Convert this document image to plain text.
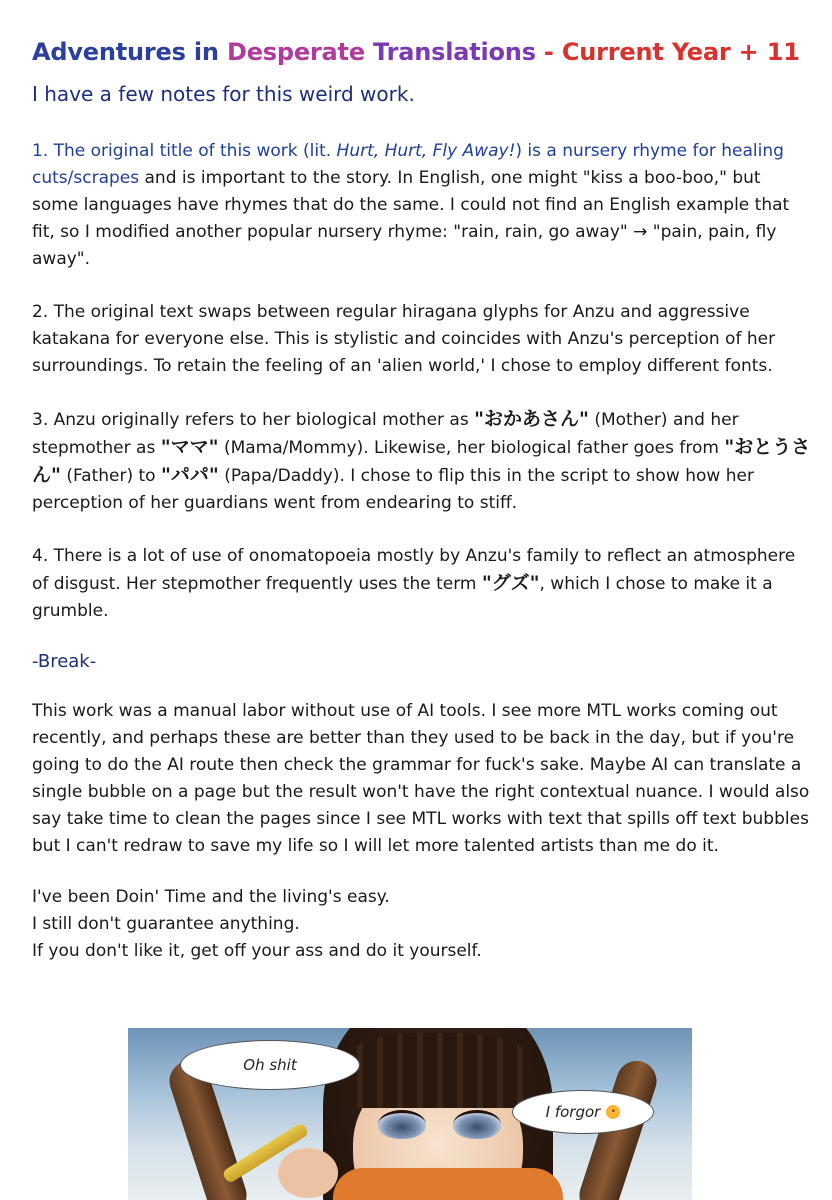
Adventures in Desperate Translations - Current Year + 11
I have a few notes for this weird work.

1. The original title of this work (lit. Hurt, Hurt, Fly Away!) is a nursery rhyme for healing cuts/scrapes and is important to the story. In English, one might "kiss a boo-boo," but some languages have rhymes that do the same. I could not find an English example that fit, so I modified another popular nursery rhyme: "rain, rain, go away" → "pain, pain, fly away".

2. The original text swaps between regular hiragana glyphs for Anzu and aggressive katakana for everyone else. This is stylistic and coincides with Anzu's perception of her surroundings. To retain the feeling of an 'alien world,' I chose to employ different fonts.

3. Anzu originally refers to her biological mother as "おかあさん" (Mother) and her stepmother as "ママ" (Mama/Mommy). Likewise, her biological father goes from "おとうさん" (Father) to "パパ" (Papa/Daddy). I chose to flip this in the script to show how her perception of her guardians went from endearing to stiff.

4. There is a lot of use of onomatopoeia mostly by Anzu's family to reflect an atmosphere of disgust. Her stepmother frequently uses the term "グズ", which I chose to make it a grumble.

-Break-

This work was a manual labor without use of AI tools. I see more MTL works coming out recently, and perhaps these are better than they used to be back in the day, but if you're going to do the AI route then check the grammar for fuck's sake. Maybe AI can translate a single bubble on a page but the result won't have the right contextual nuance. I would also say take time to clean the pages since I see MTL works with text that spills off text bubbles but I can't redraw to save my life so I will let more talented artists than me do it.

I've been Doin' Time and the living's easy.
I still don't guarantee anything.
If you don't like it, get off your ass and do it yourself.
Oh shit
I forgor	•
